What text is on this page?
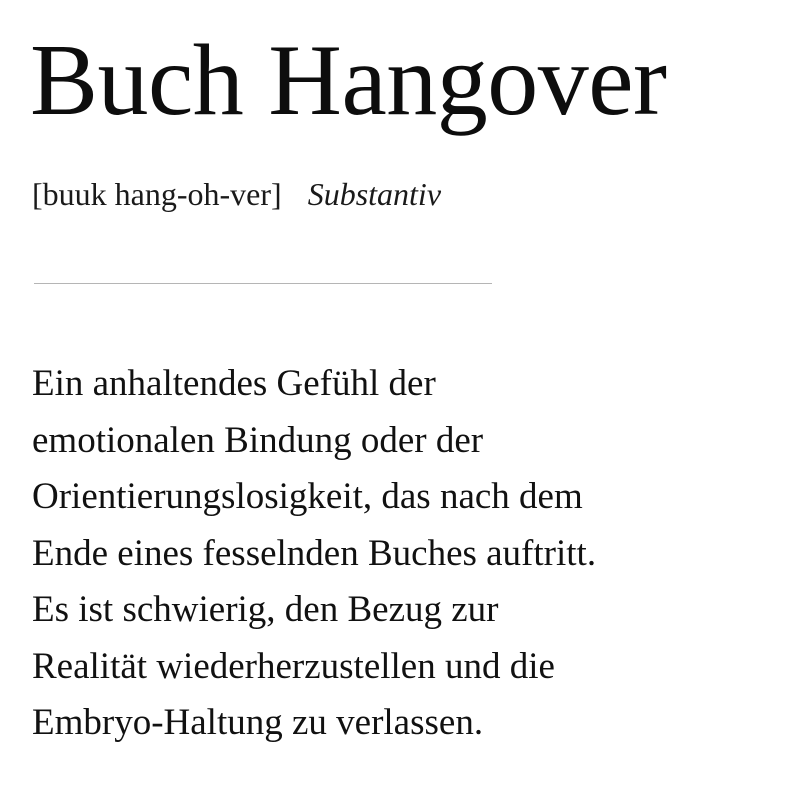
Buch Hangover
[buuk hang-oh-ver] Substantiv

Ein anhaltendes Gefühl der
emotionalen Bindung oder der
Orientierungslosigkeit, das nach dem
Ende eines fesselnden Buches auftritt.
Es ist schwierig, den Bezug zur
Realität wiederherzustellen und die
Embryo-Haltung zu verlassen.
